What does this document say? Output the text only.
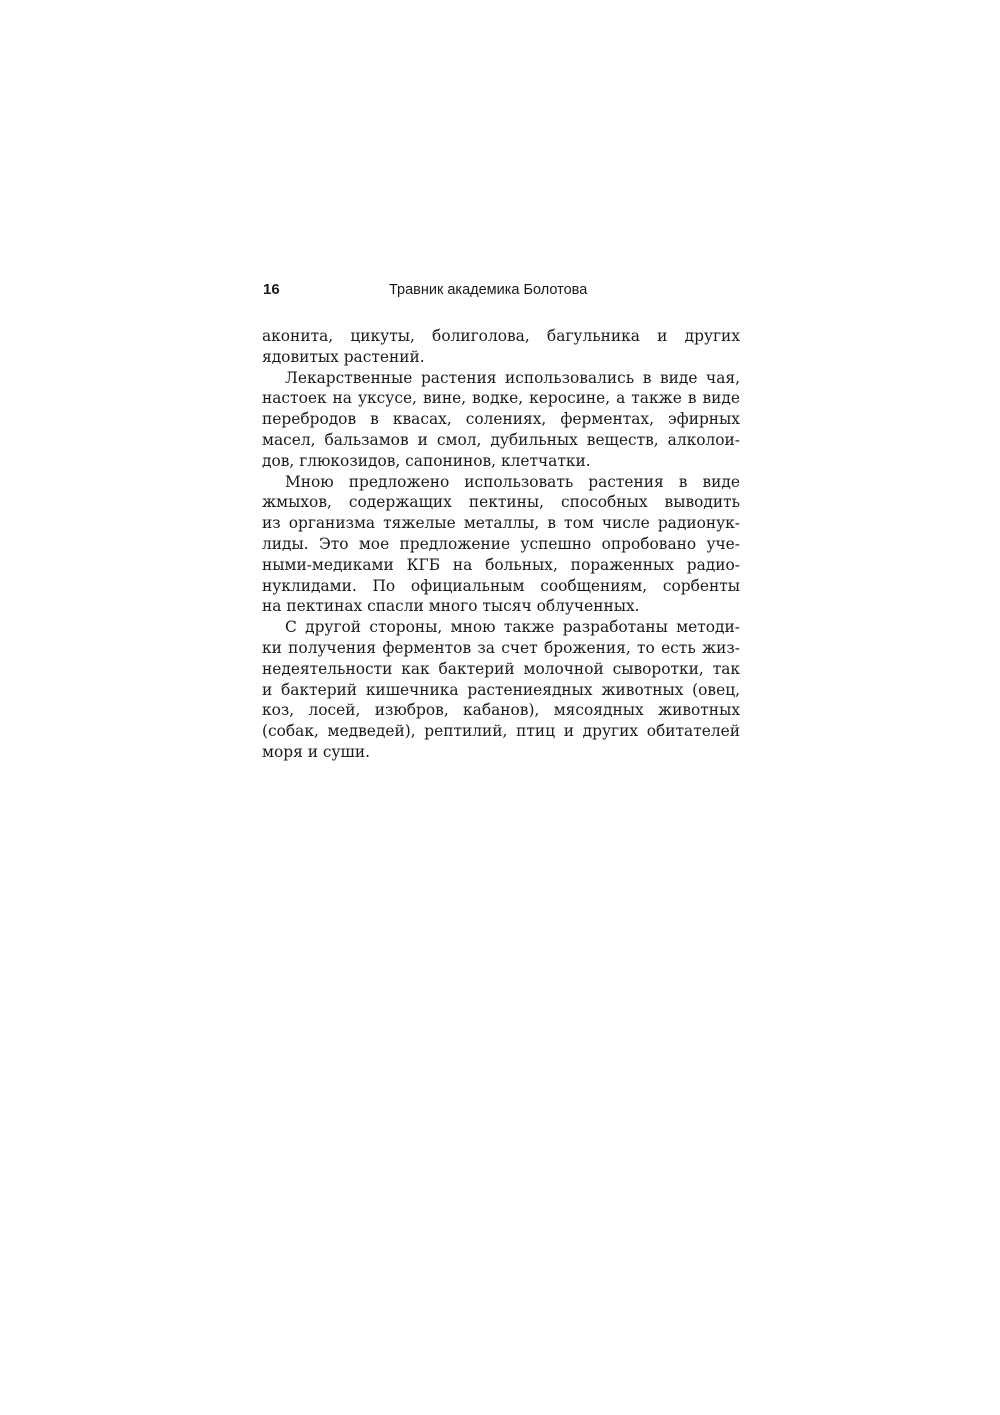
16	Травник академика Болотова
аконита, цикуты, болиголова, багульника и других
ядовитых растений.
Лекарственные растения использовались в виде чая,
настоек на уксусе, вине, водке, керосине, а также в виде
перебродов в квасах, солениях, ферментах, эфирных
масел, бальзамов и смол, дубильных веществ, алколои-
дов, глюкозидов, сапонинов, клетчатки.
Мною предложено использовать растения в виде
жмыхов, содержащих пектины, способных выводить
из организма тяжелые металлы, в том числе радионук-
лиды. Это мое предложение успешно опробовано уче-
ными-медиками КГБ на больных, пораженных радио-
нуклидами. По официальным сообщениям, сорбенты
на пектинах спасли много тысяч облученных.
С другой стороны, мною также разработаны методи-
ки получения ферментов за счет брожения, то есть жиз-
недеятельности как бактерий молочной сыворотки, так
и бактерий кишечника растениеядных животных (овец,
коз, лосей, изюбров, кабанов), мясоядных животных
(собак, медведей), рептилий, птиц и других обитателей
моря и суши.
